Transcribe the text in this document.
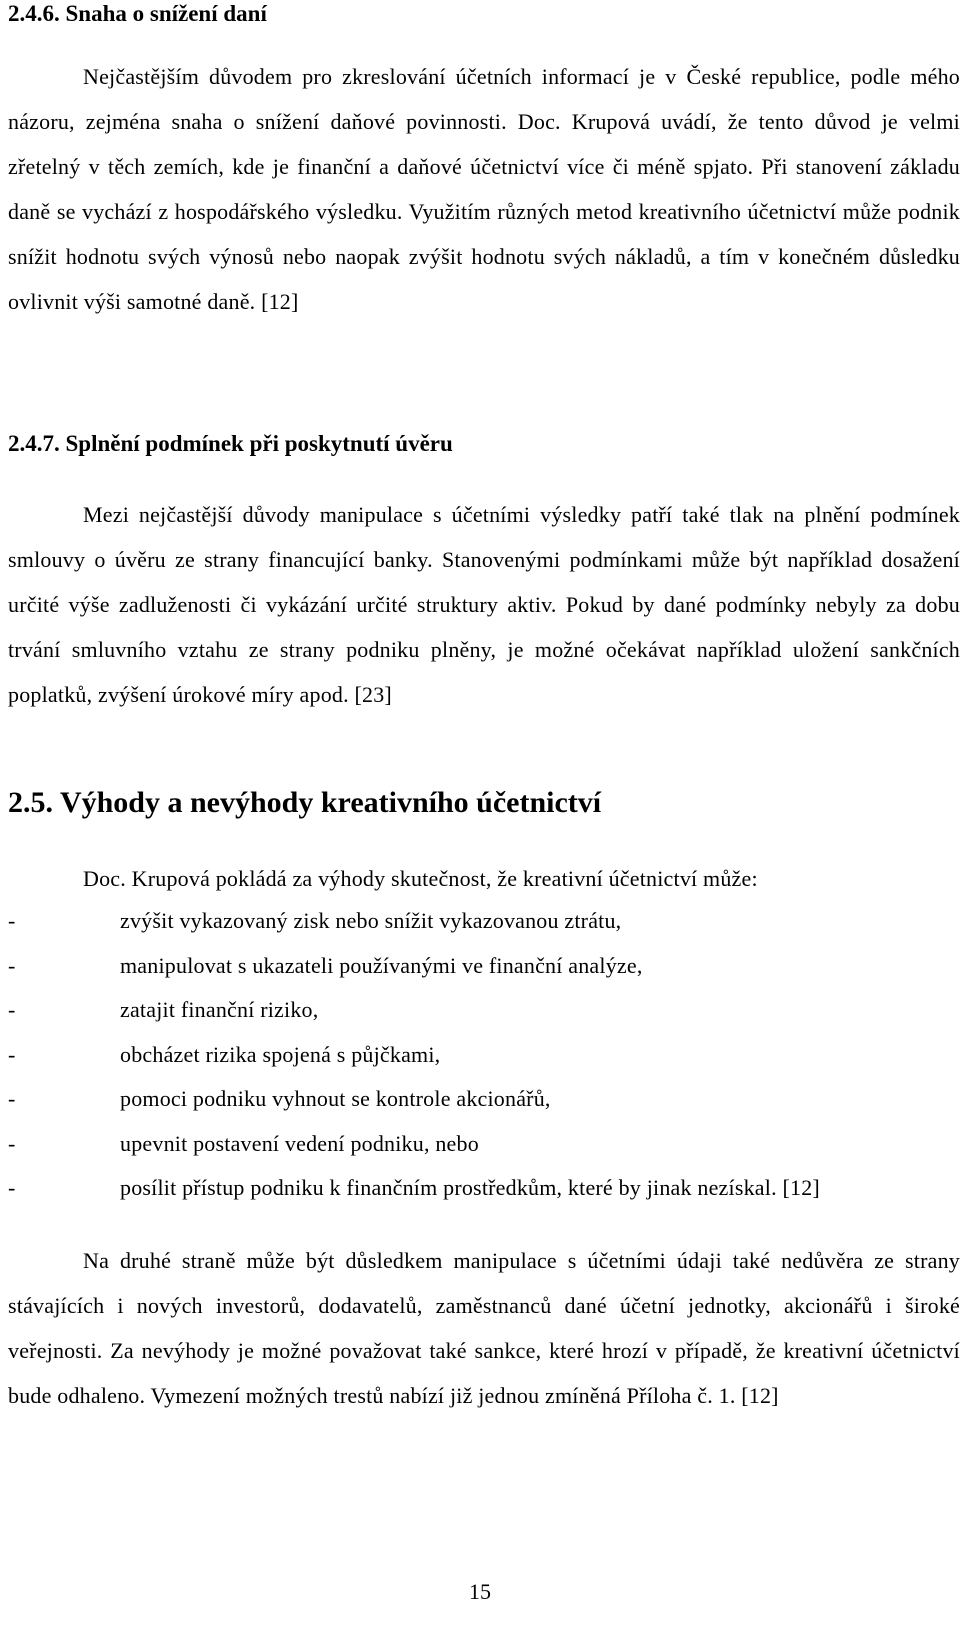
2.4.6. Snaha o snížení daní

Nejčastějším důvodem pro zkreslování účetních informací je v České republice, podle mého názoru, zejména snaha o snížení daňové povinnosti. Doc. Krupová uvádí, že tento důvod je velmi zřetelný v těch zemích, kde je finanční a daňové účetnictví více či méně spjato. Při stanovení základu daně se vychází z hospodářského výsledku. Využitím různých metod kreativního účetnictví může podnik snížit hodnotu svých výnosů nebo naopak zvýšit hodnotu svých nákladů, a tím v konečném důsledku ovlivnit výši samotné daně. [12]

2.4.7. Splnění podmínek při poskytnutí úvěru

Mezi nejčastější důvody manipulace s účetními výsledky patří také tlak na plnění podmínek smlouvy o úvěru ze strany financující banky. Stanovenými podmínkami může být například dosažení určité výše zadluženosti či vykázání určité struktury aktiv. Pokud by dané podmínky nebyly za dobu trvání smluvního vztahu ze strany podniku plněny, je možné očekávat například uložení sankčních poplatků, zvýšení úrokové míry apod. [23]

2.5. Výhody a nevýhody kreativního účetnictví

Doc. Krupová pokládá za výhody skutečnost, že kreativní účetnictví může:

-	zvýšit vykazovaný zisk nebo snížit vykazovanou ztrátu,
-	manipulovat s ukazateli používanými ve finanční analýze,
-	zatajit finanční riziko,
-	obcházet rizika spojená s půjčkami,
-	pomoci podniku vyhnout se kontrole akcionářů,
-	upevnit postavení vedení podniku, nebo
-	posílit přístup podniku k finančním prostředkům, které by jinak nezískal. [12]

Na druhé straně může být důsledkem manipulace s účetními údaji také nedůvěra ze strany stávajících i nových investorů, dodavatelů, zaměstnanců dané účetní jednotky, akcionářů i široké veřejnosti. Za nevýhody je možné považovat také sankce, které hrozí v případě, že kreativní účetnictví bude odhaleno. Vymezení možných trestů nabízí již jednou zmíněná Příloha č. 1. [12]

15
